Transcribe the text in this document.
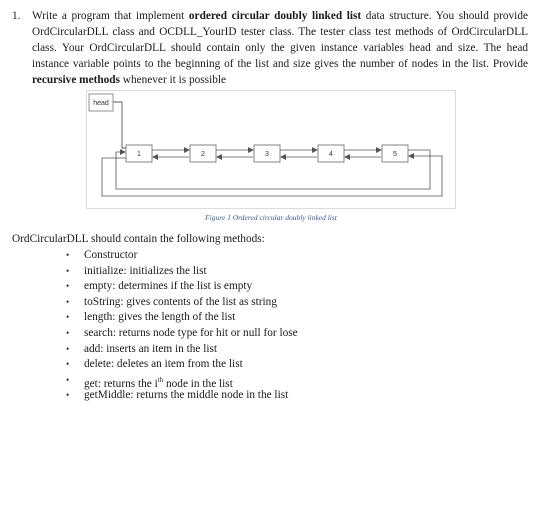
1. Write a program that implement ordered circular doubly linked list data structure. You should provide OrdCircularDLL class and OCDLL_YourID tester class. The tester class test methods of OrdCircularDLL class. Your OrdCircularDLL should contain only the given instance variables head and size. The head instance variable points to the beginning of the list and size gives the number of nodes in the list. Provide recursive methods whenever it is possible
head
1	2	3	4	5
Figure 1 Ordered circular doubly linked list
OrdCircularDLL should contain the following methods:
• Constructor
• initialize: initializes the list
• empty: determines if the list is empty
• toString: gives contents of the list as string
• length: gives the length of the list
• search: returns node type for hit or null for lose
• add: inserts an item in the list
• delete: deletes an item from the list
• get: returns the $i^{th}$ node in the list
• getMiddle: returns the middle node in the list
